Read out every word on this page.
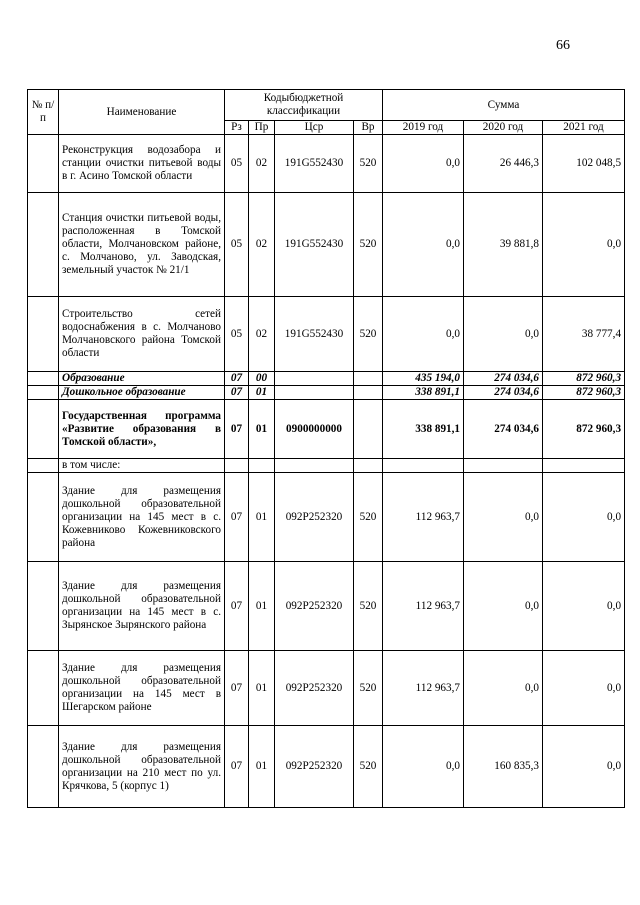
66
№ п/п	Наименование	Кодыбюджетной классификации				Сумма		
		Рз	Пр	Цср	Вр	2019 год	2020 год	2021 год
	Реконструкция водозабора и станции очистки питьевой воды в г. Асино Томской области	05	02	191G552430	520	0,0	26 446,3	102 048,5
	Станция очистки питьевой воды, расположенная в Томской области, Молчановском районе, с. Молчаново, ул. Заводская, земельный участок № 21/1	05	02	191G552430	520	0,0	39 881,8	0,0
	Строительство сетей водоснабжения в с. Молчаново Молчановского района Томской области	05	02	191G552430	520	0,0	0,0	38 777,4
	Образование	07	00			435 194,0	274 034,6	872 960,3
	Дошкольное образование	07	01			338 891,1	274 034,6	872 960,3
	Государственная программа «Развитие образования в Томской области»,	07	01	0900000000		338 891,1	274 034,6	872 960,3
	в том числе:							
	Здание для размещения дошкольной образовательной организации на 145 мест в с. Кожевниково Кожевниковского района	07	01	092P252320	520	112 963,7	0,0	0,0
	Здание для размещения дошкольной образовательной организации на 145 мест в с. Зырянское Зырянского района	07	01	092P252320	520	112 963,7	0,0	0,0
	Здание для размещения дошкольной образовательной организации на 145 мест в Шегарском районе	07	01	092P252320	520	112 963,7	0,0	0,0
	Здание для размещения дошкольной образовательной организации на 210 мест по ул. Крячкова, 5 (корпус 1)	07	01	092P252320	520	0,0	160 835,3	0,0
